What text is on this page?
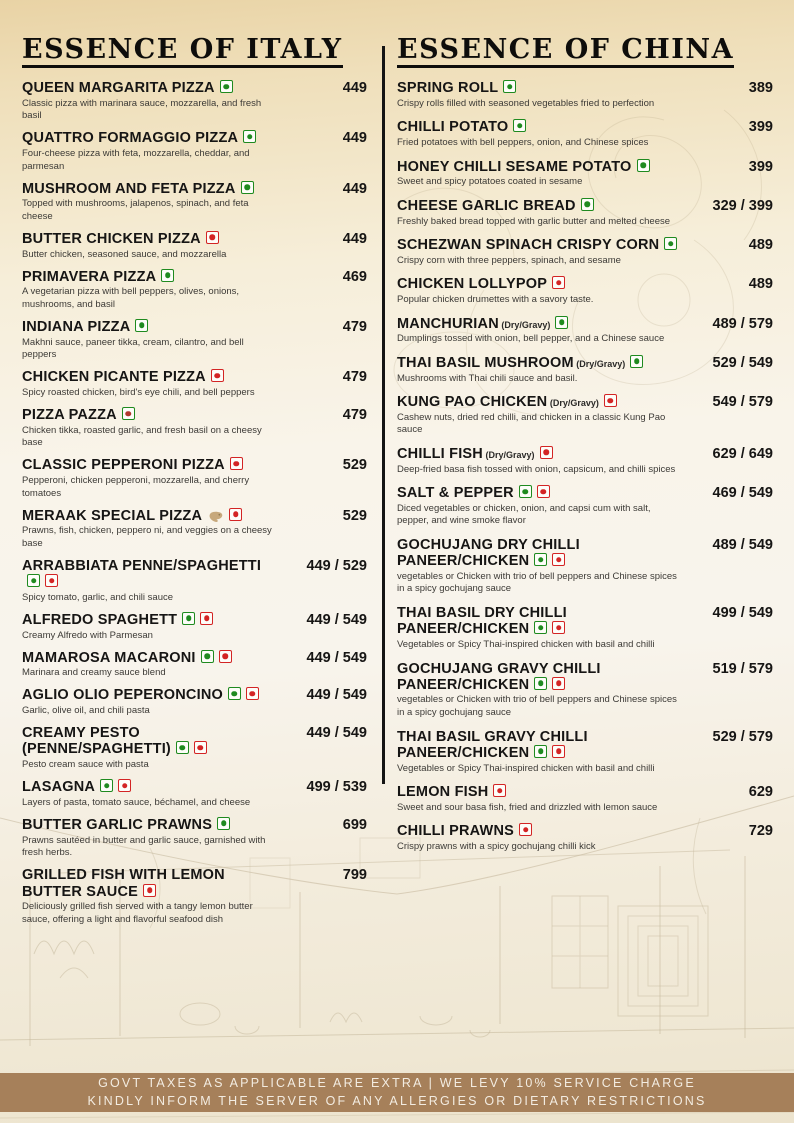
ESSENCE OF ITALY
QUEEN MARGARITA PIZZA
Classic pizza with marinara sauce, mozzarella, and fresh basil
449
QUATTRO FORMAGGIO PIZZA
Four-cheese pizza with feta, mozzarella, cheddar, and parmesan
449
MUSHROOM AND FETA PIZZA
Topped with mushrooms, jalapenos, spinach, and feta cheese
449
BUTTER CHICKEN PIZZA
Butter chicken, seasoned sauce, and mozzarella
449
PRIMAVERA PIZZA
A vegetarian pizza with bell peppers, olives, onions, mushrooms, and basil
469
INDIANA PIZZA
Makhni sauce, paneer tikka, cream, cilantro, and bell peppers
479
CHICKEN PICANTE PIZZA
Spicy roasted chicken, bird's eye chili, and bell peppers
479
PIZZA PAZZA
Chicken tikka, roasted garlic, and fresh basil on a cheesy base
479
CLASSIC PEPPERONI PIZZA
Pepperoni, chicken pepperoni, mozzarella, and cherry tomatoes
529
MERAAK SPECIAL PIZZA
Prawns, fish, chicken, peppero ni, and veggies on a cheesy base
529
ARRABBIATA PENNE/SPAGHETTI
Spicy tomato, garlic, and chili sauce
449 / 529
ALFREDO SPAGHETT
Creamy Alfredo with Parmesan
449 / 549
MAMAROSA MACARONI
Marinara and creamy sauce blend
449 / 549
AGLIO OLIO PEPERONCINO
Garlic, olive oil, and chili pasta
449 / 549
CREAMY PESTO (PENNE/SPAGHETTI)
Pesto cream sauce with pasta
449 / 549
LASAGNA
Layers of pasta, tomato sauce, béchamel, and cheese
499 / 539
BUTTER GARLIC PRAWNS
Prawns sautéed in butter and garlic sauce, garnished with fresh herbs.
699
GRILLED FISH WITH LEMON BUTTER SAUCE
Deliciously grilled fish served with a tangy lemon butter sauce, offering a light and flavorful seafood dish
799
ESSENCE OF CHINA
SPRING ROLL
Crispy rolls filled with seasoned vegetables fried to perfection
389
CHILLI POTATO
Fried potatoes with bell peppers, onion, and Chinese spices
399
HONEY CHILLI SESAME POTATO
Sweet and spicy potatoes coated in sesame
399
CHEESE GARLIC BREAD
Freshly baked bread topped with garlic butter and melted cheese
329 / 399
SCHEZWAN SPINACH CRISPY CORN
Crispy corn with three peppers, spinach, and sesame
489
CHICKEN LOLLYPOP
Popular chicken drumettes with a savory taste.
489
MANCHURIAN (Dry/Gravy)
Dumplings tossed with onion, bell pepper, and a Chinese sauce
489 / 579
THAI BASIL MUSHROOM (Dry/Gravy)
Mushrooms with Thai chili sauce and basil.
529 / 549
KUNG PAO CHICKEN (Dry/Gravy)
Cashew nuts, dried red chilli, and chicken in a classic Kung Pao sauce
549 / 579
CHILLI FISH (Dry/Gravy)
Deep-fried basa fish tossed with onion, capsicum, and chilli spices
629 / 649
SALT & PEPPER
Diced vegetables or chicken, onion, and capsi cum with salt, pepper, and wine smoke flavor
469 / 549
GOCHUJANG DRY CHILLI PANEER/CHICKEN
vegetables or Chicken with trio of bell peppers and Chinese spices in a spicy gochujang sauce
489 / 549
THAI BASIL DRY CHILLI PANEER/CHICKEN
Vegetables or Spicy Thai-inspired chicken with basil and chilli
499 / 549
GOCHUJANG GRAVY CHILLI PANEER/CHICKEN
vegetables or Chicken with trio of bell peppers and Chinese spices in a spicy gochujang sauce
519 / 579
THAI BASIL GRAVY CHILLI PANEER/CHICKEN
Vegetables or Spicy Thai-inspired chicken with basil and chilli
529 / 579
LEMON FISH
Sweet and sour basa fish, fried and drizzled with lemon sauce
629
CHILLI PRAWNS
Crispy prawns with a spicy gochujang chilli kick
729
GOVT TAXES AS APPLICABLE ARE EXTRA | WE LEVY 10% SERVICE CHARGE
KINDLY INFORM THE SERVER OF ANY ALLERGIES OR DIETARY RESTRICTIONS
